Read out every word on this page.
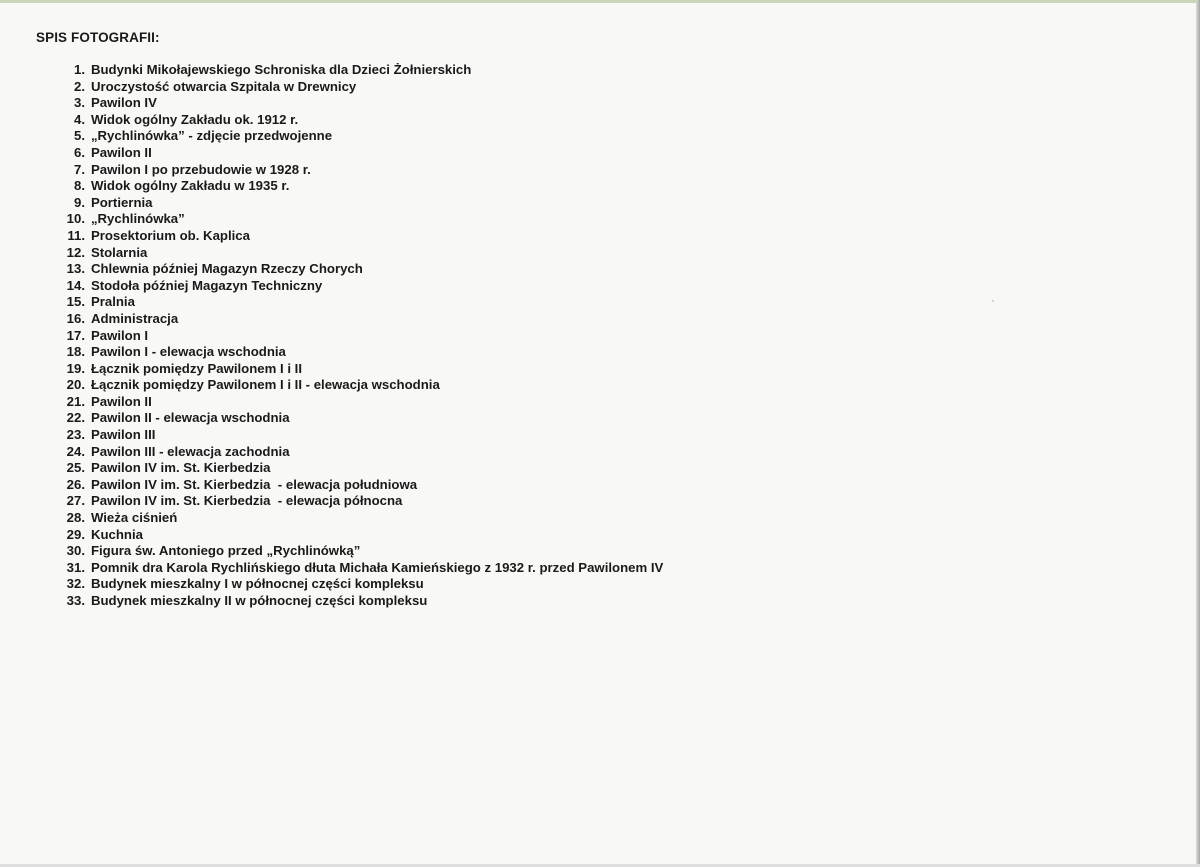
SPIS FOTOGRAFII:
1. Budynki Mikołajewskiego Schroniska dla Dzieci Żołnierskich
2. Uroczystość otwarcia Szpitala w Drewnicy
3. Pawilon IV
4. Widok ogólny Zakładu ok. 1912 r.
5. „Rychlinówka” - zdjęcie przedwojenne
6. Pawilon II
7. Pawilon I po przebudowie w 1928 r.
8. Widok ogólny Zakładu w 1935 r.
9. Portiernia
10. „Rychlinówka”
11. Prosektorium ob. Kaplica
12. Stolarnia
13. Chlewnia później Magazyn Rzeczy Chorych
14. Stodoła później Magazyn Techniczny
15. Pralnia
16. Administracja
17. Pawilon I
18. Pawilon I - elewacja wschodnia
19. Łącznik pomiędzy Pawilonem I i II
20. Łącznik pomiędzy Pawilonem I i II - elewacja wschodnia
21. Pawilon II
22. Pawilon II - elewacja wschodnia
23. Pawilon III
24. Pawilon III - elewacja zachodnia
25. Pawilon IV im. St. Kierbedzia
26. Pawilon IV im. St. Kierbedzia  - elewacja południowa
27. Pawilon IV im. St. Kierbedzia  - elewacja północna
28. Wieża ciśnień
29. Kuchnia
30. Figura św. Antoniego przed „Rychlinówką”
31. Pomnik dra Karola Rychlińskiego dłuta Michała Kamieńskiego z 1932 r. przed Pawilonem IV
32. Budynek mieszkalny I w północnej części kompleksu
33. Budynek mieszkalny II w północnej części kompleksu
